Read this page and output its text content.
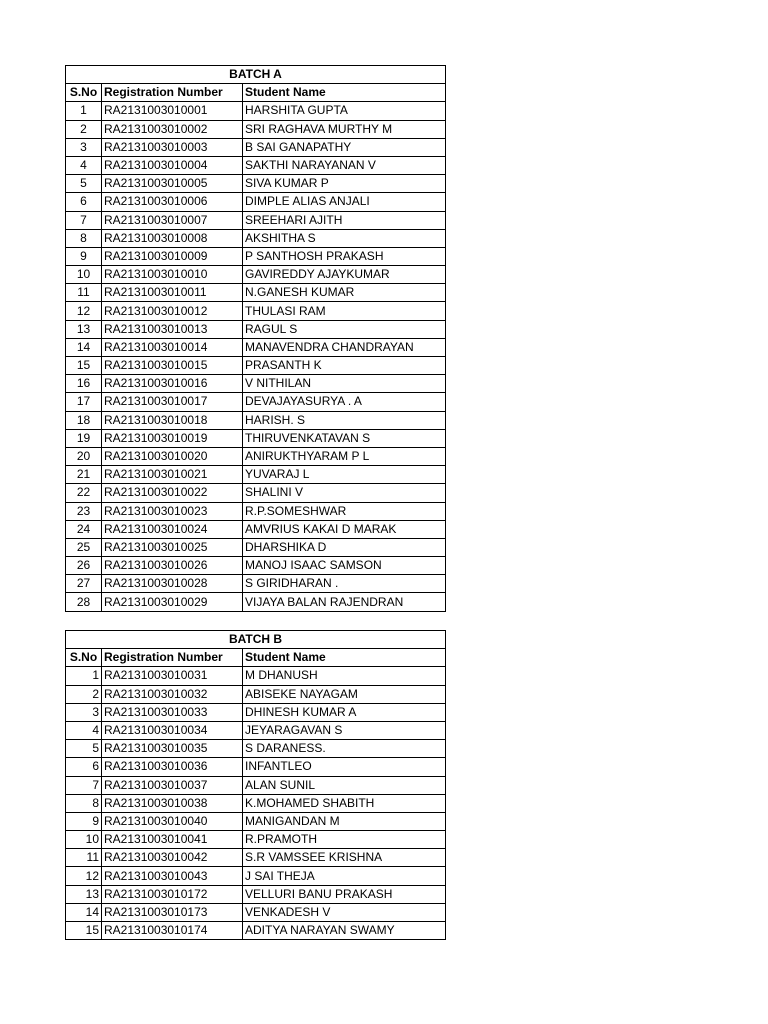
BATCH A		
S.No	Registration Number	Student Name
1	RA2131003010001	HARSHITA GUPTA
2	RA2131003010002	SRI RAGHAVA MURTHY M
3	RA2131003010003	B SAI GANAPATHY
4	RA2131003010004	SAKTHI NARAYANAN V
5	RA2131003010005	SIVA KUMAR P
6	RA2131003010006	DIMPLE ALIAS ANJALI
7	RA2131003010007	SREEHARI AJITH
8	RA2131003010008	AKSHITHA S
9	RA2131003010009	P SANTHOSH PRAKASH
10	RA2131003010010	GAVIREDDY AJAYKUMAR
11	RA2131003010011	N.GANESH KUMAR
12	RA2131003010012	THULASI RAM
13	RA2131003010013	RAGUL S
14	RA2131003010014	MANAVENDRA CHANDRAYAN
15	RA2131003010015	PRASANTH K
16	RA2131003010016	V NITHILAN
17	RA2131003010017	DEVAJAYASURYA . A
18	RA2131003010018	HARISH. S
19	RA2131003010019	THIRUVENKATAVAN S
20	RA2131003010020	ANIRUKTHYARAM P L
21	RA2131003010021	YUVARAJ L
22	RA2131003010022	SHALINI V
23	RA2131003010023	R.P.SOMESHWAR
24	RA2131003010024	AMVRIUS KAKAI D MARAK
25	RA2131003010025	DHARSHIKA D
26	RA2131003010026	MANOJ ISAAC SAMSON
27	RA2131003010028	S GIRIDHARAN .
28	RA2131003010029	VIJAYA BALAN RAJENDRAN
BATCH B		
S.No	Registration Number	Student Name
1	RA2131003010031	M DHANUSH
2	RA2131003010032	ABISEKE NAYAGAM
3	RA2131003010033	DHINESH KUMAR A
4	RA2131003010034	JEYARAGAVAN S
5	RA2131003010035	S DARANESS.
6	RA2131003010036	INFANTLEO
7	RA2131003010037	ALAN SUNIL
8	RA2131003010038	K.MOHAMED SHABITH
9	RA2131003010040	MANIGANDAN M
10	RA2131003010041	R.PRAMOTH
11	RA2131003010042	S.R VAMSSEE KRISHNA
12	RA2131003010043	J SAI THEJA
13	RA2131003010172	VELLURI BANU PRAKASH
14	RA2131003010173	VENKADESH V
15	RA2131003010174	ADITYA NARAYAN SWAMY
